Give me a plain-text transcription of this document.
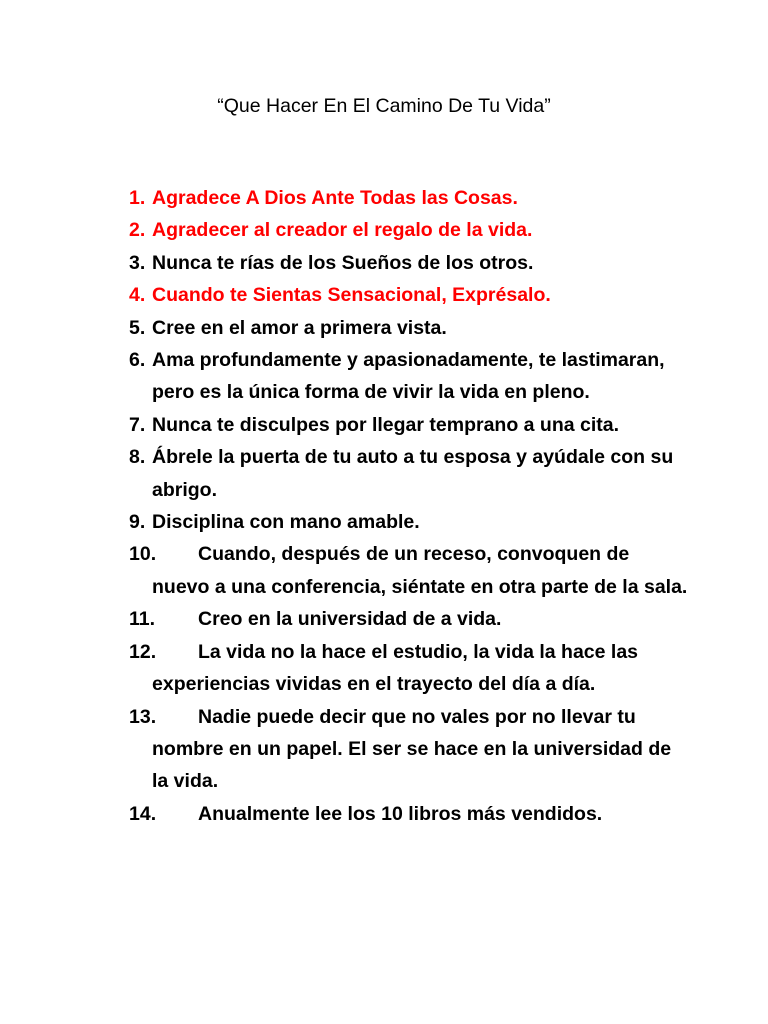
“Que Hacer En El Camino De Tu Vida”
1. Agradece A Dios Ante Todas las Cosas.
2. Agradecer al creador el regalo de la vida.
3. Nunca te rías de los Sueños de los otros.
4. Cuando te Sientas Sensacional, Exprésalo.
5. Cree en el amor a primera vista.
6. Ama profundamente y apasionadamente, te lastimaran, pero es la única forma de vivir la vida en pleno.
7. Nunca te disculpes por llegar temprano a una cita.
8. Ábrele la puerta de tu auto a tu esposa y ayúdale con su abrigo.
9. Disciplina con mano amable.
10.	Cuando, después de un receso, convoquen de nuevo a una conferencia, siéntate en otra parte de la sala.
11.	Creo en la universidad de a vida.
12.	La vida no la hace el estudio, la vida la hace las experiencias vividas en el trayecto del día a día.
13.	Nadie puede decir que no vales por no llevar tu nombre en un papel. El ser se hace en la universidad de la vida.
14.	Anualmente lee los 10 libros más vendidos.
